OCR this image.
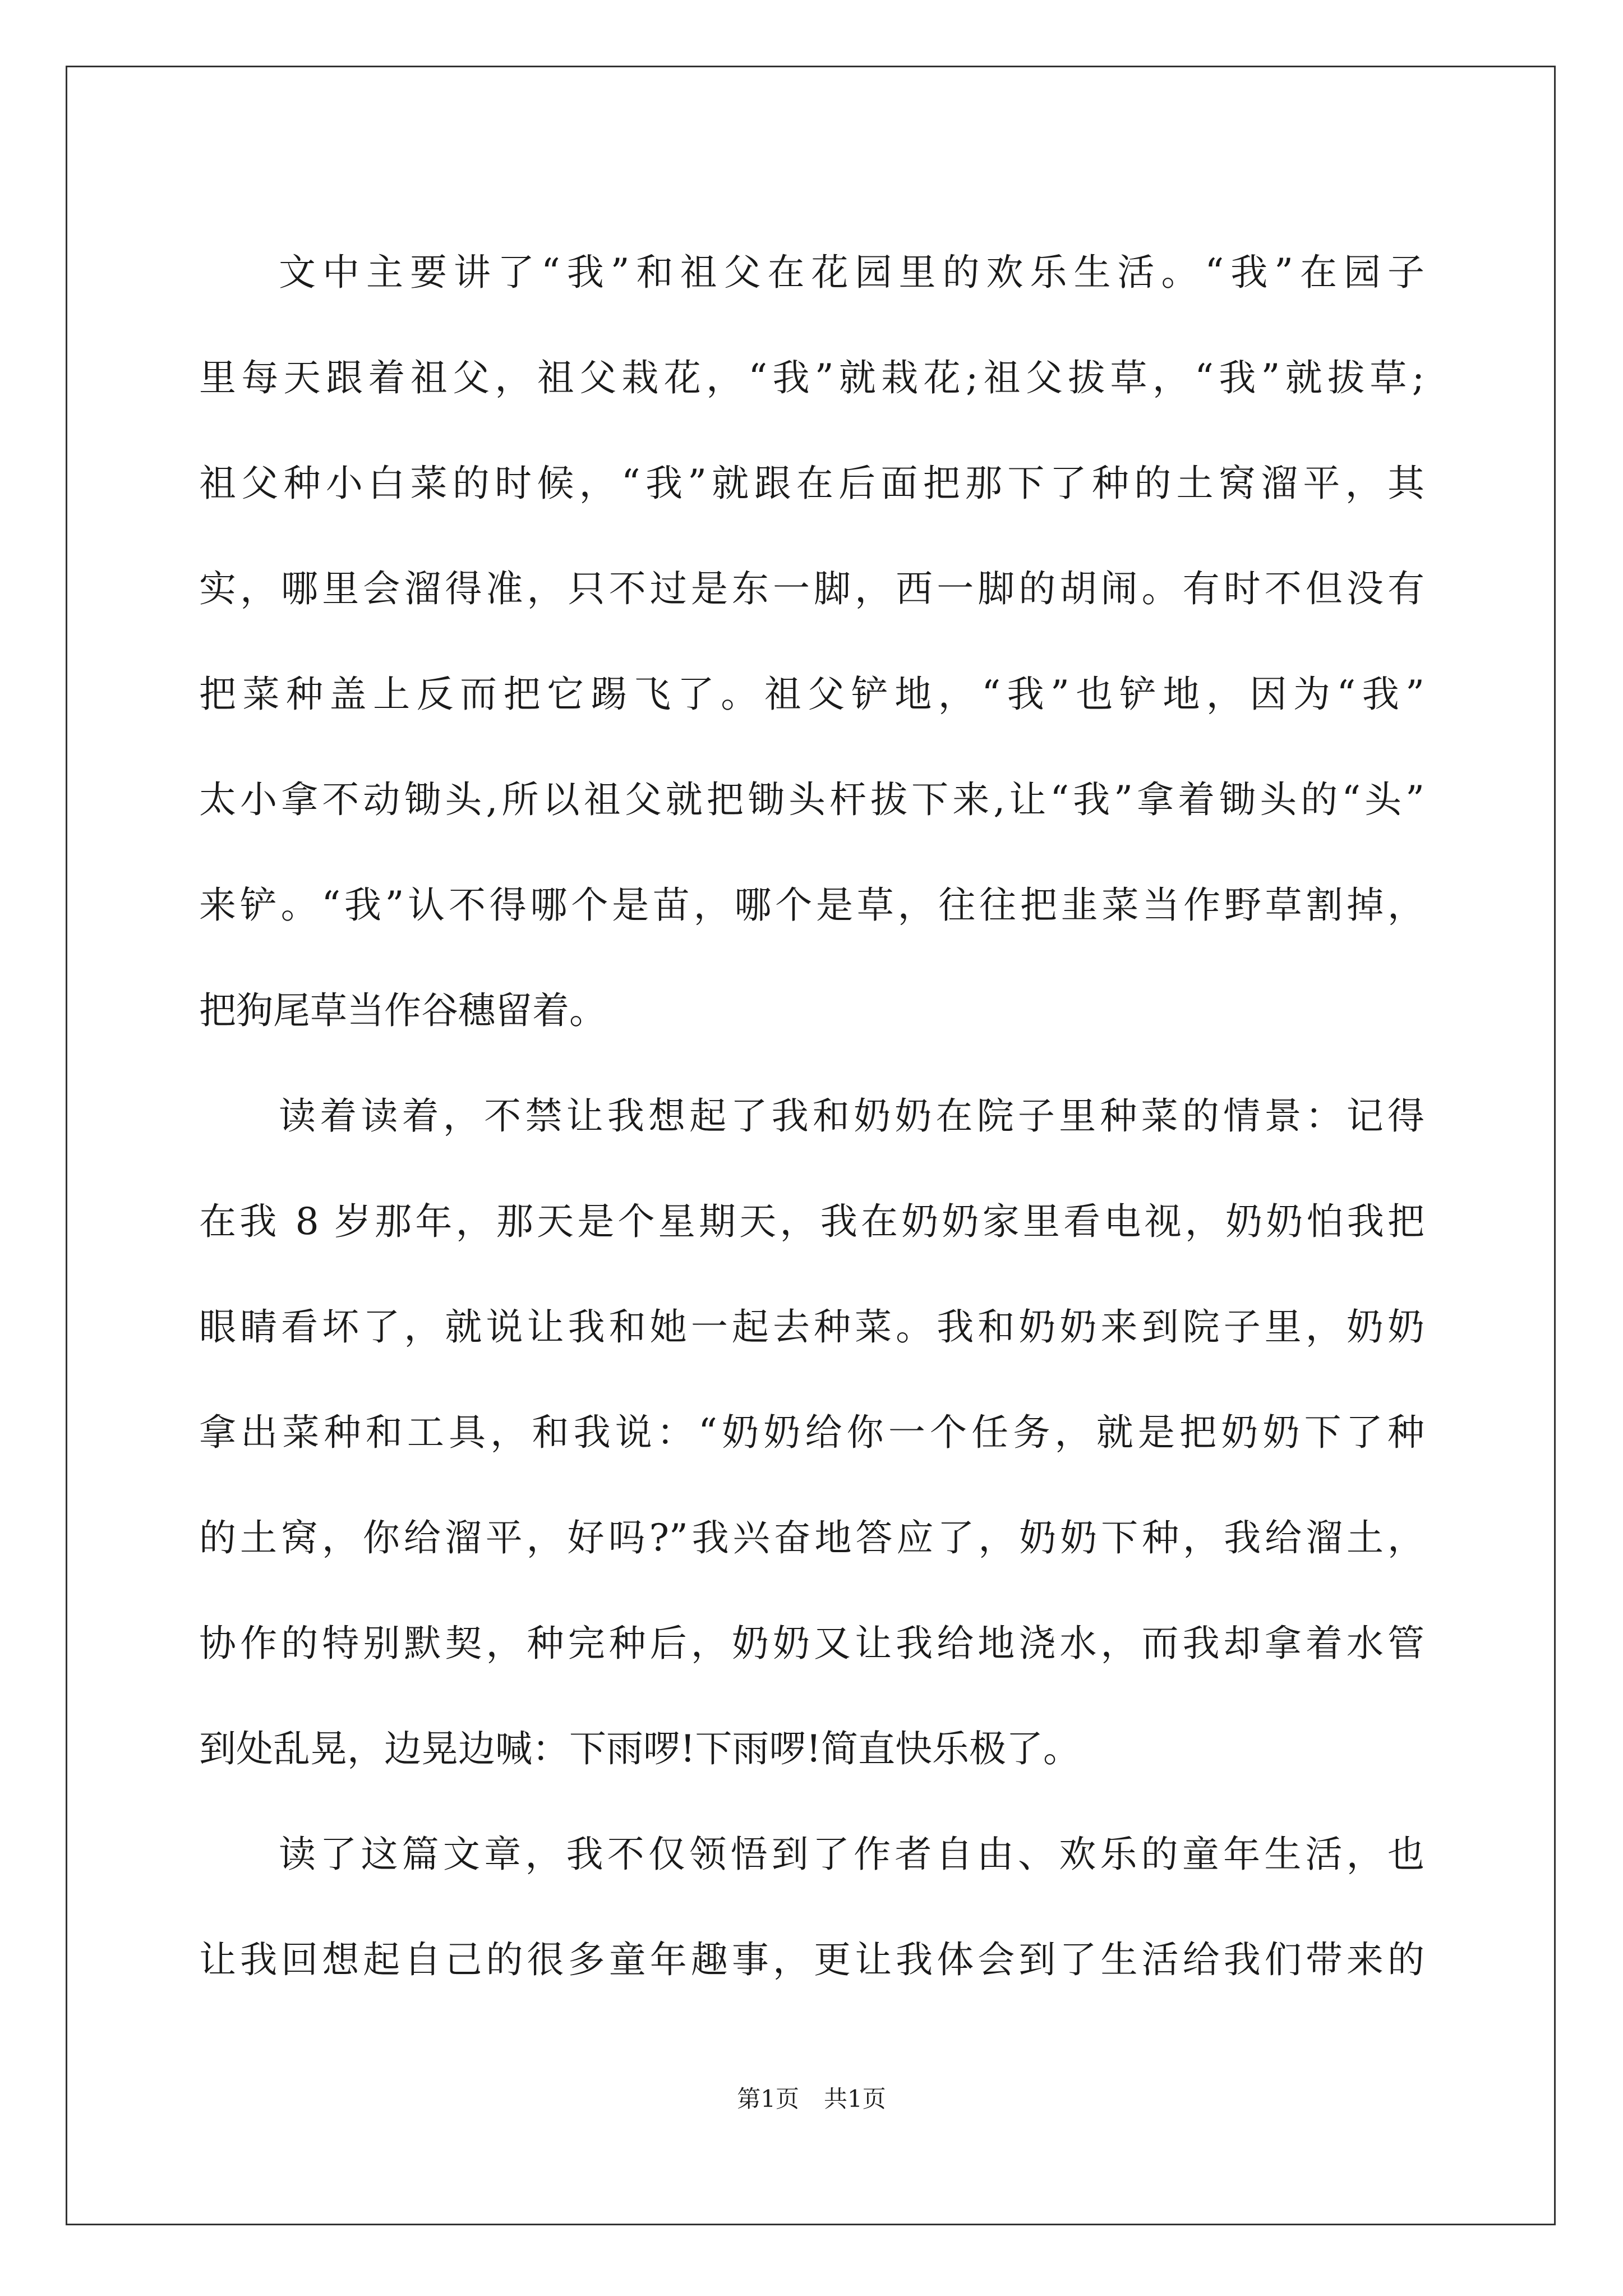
文中主要讲了“我”和祖父在花园里的欢乐生活。“我”在园子
里每天跟着祖父，祖父栽花，“我”就栽花;祖父拔草，“我”就拔草;
祖父种小白菜的时候，“我”就跟在后面把那下了种的土窝溜平，其
实，哪里会溜得准，只不过是东一脚，西一脚的胡闹。有时不但没有
把菜种盖上反而把它踢飞了。祖父铲地，“我”也铲地，因为“我”
太小拿不动锄头,所以祖父就把锄头杆拔下来,让“我”拿着锄头的“头”
来铲。“我”认不得哪个是苗，哪个是草，往往把韭菜当作野草割掉，
把狗尾草当作谷穗留着。
读着读着，不禁让我想起了我和奶奶在院子里种菜的情景：记得
在我 8 岁那年，那天是个星期天，我在奶奶家里看电视，奶奶怕我把
眼睛看坏了，就说让我和她一起去种菜。我和奶奶来到院子里，奶奶
拿出菜种和工具，和我说：“奶奶给你一个任务，就是把奶奶下了种
的土窝，你给溜平，好吗?”我兴奋地答应了，奶奶下种，我给溜土，
协作的特别默契，种完种后，奶奶又让我给地浇水，而我却拿着水管
到处乱晃，边晃边喊：下雨啰!下雨啰!简直快乐极了。
读了这篇文章，我不仅领悟到了作者自由、欢乐的童年生活，也
让我回想起自己的很多童年趣事，更让我体会到了生活给我们带来的
第1页 共1页
